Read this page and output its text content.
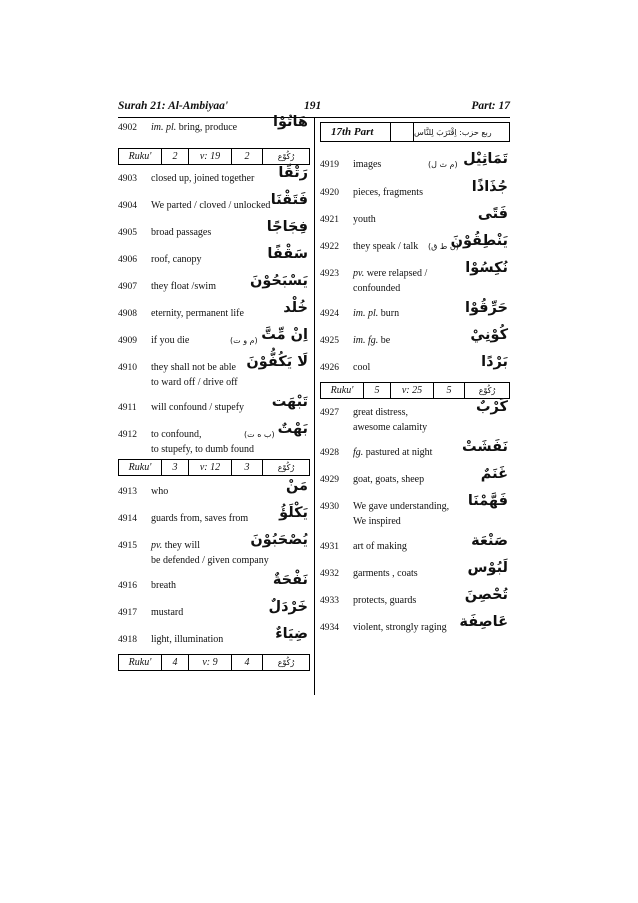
Surah 21: Al-Ambiyaa'	191	Part: 17
4902 im. pl. bring, produce هَاتُوْا
Ruku'	2	v: 19	2	رُكُوْع
4903 closed up, joined together رَتْقًا
4904 We parted / cloved / unlocked فَتَقْنَا
4905 broad passages	فِجَاجًا
4906 roof, canopy	سَقْفًا
4907 they float /swim يَسْبَحُوْنَ
4908 eternity, permanent life	خُلْد
4909 if you die	(م و ت) اِنْ مِّتَّ
4910 they shall not be able
to ward off / drive off
لَا يَكُفُّوْنَ
4911 will confound / stupefy تَبْهَت
4912 to confound,	(ب ه ت)
to stupefy, to dumb found
بَهْتٌ
Ruku'	3	v: 12	3	رُكُوْع
4913 who	مَنْ
4914 guards from, saves from يَكْلَؤُ
4915 pv. they will
be defended / given company
يُصْحَبُوْنَ
4916 breath	نَفْحَةٌ
4917 mustard	خَرْدَلٌ
4918 light, illumination	ضِيَاءٌ
Ruku'	4	v: 9	4	رُكُوْع
17th Part	ربع حزب: اِقْتَرَبَ لِلنَّاس
4919 images	(م ث ل) تَمَاثِيْل
4920 pieces, fragments	جُذَاذًا
4921 youth	فَتًى
4922 they speak / talk (ن ط ق)
يَنْطِقُوْنَ
4923 pv. were relapsed /
confounded
نُكِسُوْا
4924 im. pl. burn	حَرِّقُوْا
4925 im. fg. be	كُوْنِيْ
4926 cool	بَرْدًا
Ruku'	5	v: 25	5	رُكُوْع
4927 great distress,
awesome calamity
كَرْبٌ
4928 fg. pastured at night نَفَشَتْ
4929 goat, goats, sheep	غَنَمٌ
4930 We gave understanding,
We inspired
فَهَّمْنَا
4931 art of making	صَنْعَة
4932 garments , coats	لَبُوْس
4933 protects, guards	تُحْصِنَ
4934 violent, strongly raging عَاصِفَة
